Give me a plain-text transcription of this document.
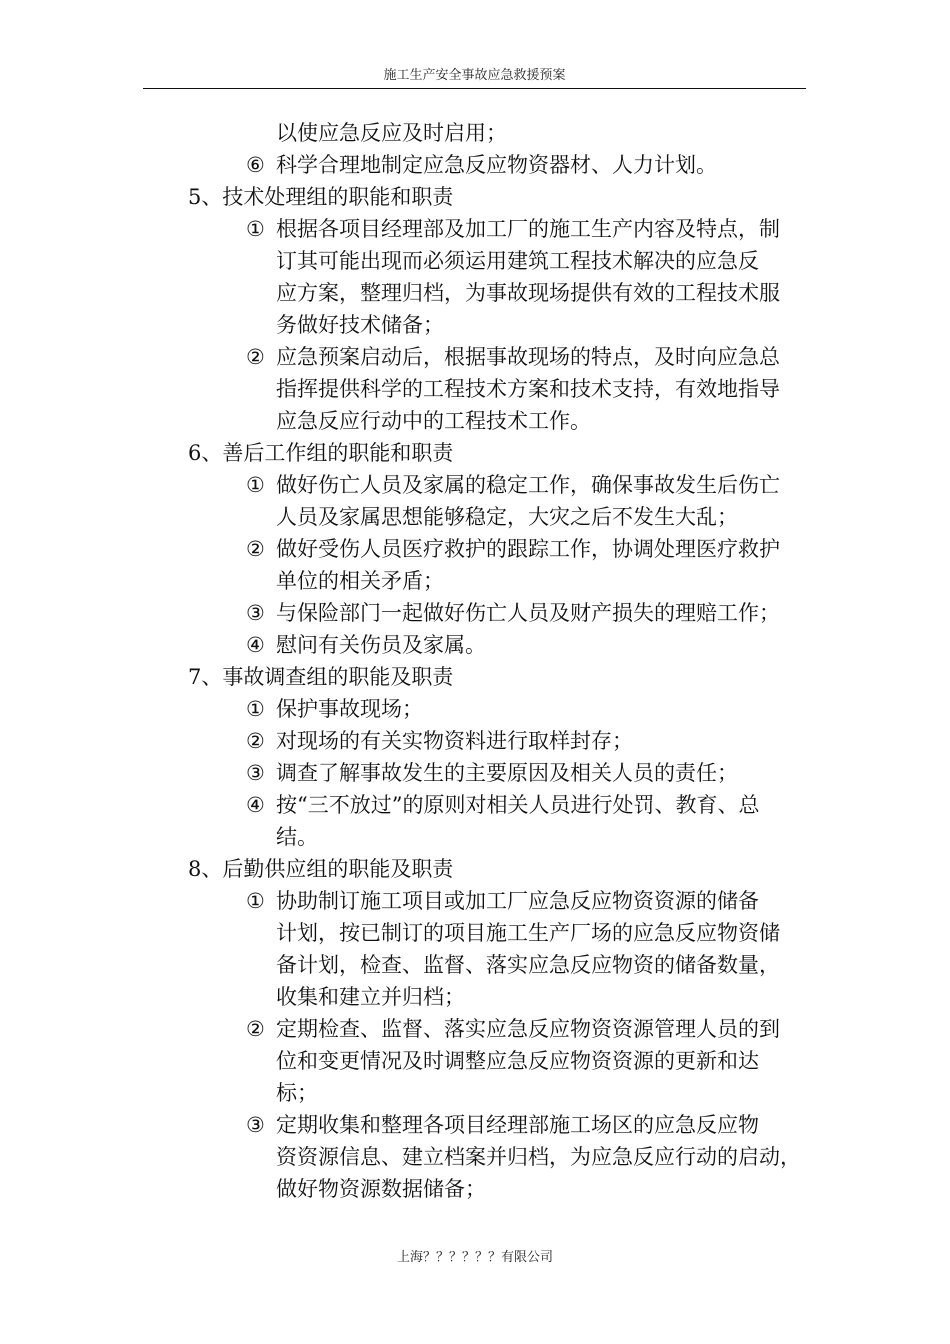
施工生产安全事故应急救援预案
以使应急反应及时启用；
⑥ 科学合理地制定应急反应物资器材、人力计划。
5、技术处理组的职能和职责
① 根据各项目经理部及加工厂的施工生产内容及特点，制
订其可能出现而必须运用建筑工程技术解决的应急反
应方案，整理归档，为事故现场提供有效的工程技术服
务做好技术储备；
② 应急预案启动后，根据事故现场的特点，及时向应急总
指挥提供科学的工程技术方案和技术支持，有效地指导
应急反应行动中的工程技术工作。
6、善后工作组的职能和职责
① 做好伤亡人员及家属的稳定工作，确保事故发生后伤亡
人员及家属思想能够稳定，大灾之后不发生大乱；
② 做好受伤人员医疗救护的跟踪工作，协调处理医疗救护
单位的相关矛盾；
③ 与保险部门一起做好伤亡人员及财产损失的理赔工作；
④ 慰问有关伤员及家属。
7、事故调查组的职能及职责
① 保护事故现场；
② 对现场的有关实物资料进行取样封存；
③ 调查了解事故发生的主要原因及相关人员的责任；
④ 按“三不放过”的原则对相关人员进行处罚、教育、总
结。
8、后勤供应组的职能及职责
① 协助制订施工项目或加工厂应急反应物资资源的储备
计划，按已制订的项目施工生产厂场的应急反应物资储
备计划，检查、监督、落实应急反应物资的储备数量，
收集和建立并归档；
② 定期检查、监督、落实应急反应物资资源管理人员的到
位和变更情况及时调整应急反应物资资源的更新和达
标；
③ 定期收集和整理各项目经理部施工场区的应急反应物
资资源信息、建立档案并归档，为应急反应行动的启动，
做好物资源数据储备；
上海？？？？？？有限公司
